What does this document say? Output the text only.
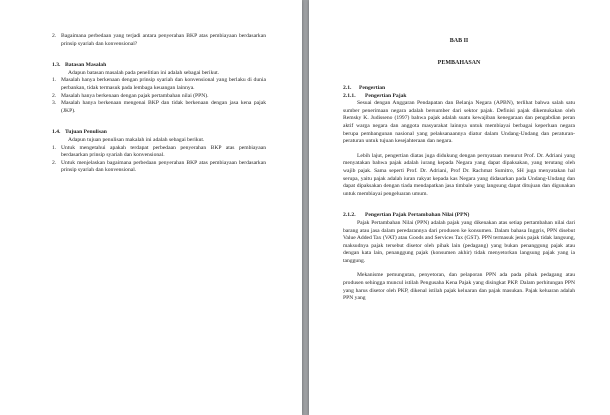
2. Bagaimana perbedaan yang terjadi antara penyerahan BKP atas pembiayaan berdasarkan prinsip syariah dan konvensional?
1.3. Batasan Masalah

Adapun batasan masalah pada penelitian ini adalah sebagai berikut.

1. Masalah hanya berkenaan dengan prinsip syariah dan konvensional yang berlaku di dunia perbankan, tidak termasuk pada lembaga keuangan lainnya.
2. Masalah hanya berkenaan dengan pajak pertambahan nilai (PPN).
3. Masalah hanya berkenaan mengenai BKP dan tidak berkenaan dengan jasa kena pajak (JKP).
1.4. Tujuan Penulisan

Adapun tujuan penulisan makalah ini adalah sebagai berikut.

1. Untuk mengetahui apakah terdapat perbedaan penyerahan BKP atas pembiayaan berdasarkan prinsip syariah dan konvensional.
2. Untuk menjelaskan bagaimana perbedaan penyerahan BKP atas pembiayaan berdasarkan prinsip syariah dan konvensional.
BAB II
PEMBAHASAN
2.1. Pengertian
2.1.1. Pengertian Pajak

Sesuai dengan Anggaran Pendapatan dan Belanja Negara (APBN), terlihat bahwa salah satu sumber penerimaan negara adalah bersumber dari sektor pajak. Definisi pajak dikemukakan oleh Remsky K. Judisseno (1997) bahwa pajak adalah suatu kewajiban kenegaraan dan pengabdian peran aktif warga negara dan anggota masyarakat lainnya untuk membiayai berbagai keperluan negara berupa pembangunan nasional yang pelaksanaannya diatur dalam Undang-Undang dan peraturan-peraturan untuk tujuan kesejahteraan dan negara.

Lebih lajut, pengertian diatas juga didukung dengan pernyataan menurut Prof. Dr. Adriani yang menyatakan bahwa pajak adalah iurang kepada Negara yang dapat dipaksakan, yang terutang oleh wajib pajak. Sama seperti Prof. Dr. Adriani, Prof Dr. Rachmat Sumitro, SH juga menyatakan hal serupa, yaitu pajak adalah iuran rakyat kepada kas Negara yang didasarkan pada Undang-Undang dan dapat dipaksakan dengan tiada mendapatkan jasa timbale yang langsung dapat ditujuan dan digunakan untuk membiayai pengeluaran umum.

2.1.2. Pengertian Pajak Pertambahan Nilai (PPN)

Pajak Pertambahan Nilai (PPN) adalah pajak yang dikenakan atas setiap pertambahan nilai dari barang atau jasa dalam peredarannya dari produsen ke konsumen. Dalam bahasa Inggris, PPN disebut Value Added Tax (VAT) atau Goods and Services Tax (GST). PPN termasuk jenis pajak tidak langsung, maksudnya pajak tersebut disetor oleh pihak lain (pedagang) yang bukan penanggung pajak atau dengan kata lain, penanggung pajak (konsumen akhir) tidak menyetorkan langsung pajak yang ia tanggung.

Mekanisme pemungutan, penyetoran, dan pelaporan PPN ada pada pihak pedagang atau produsen sehingga muncul istilah Pengusaha Kena Pajak yang disingkat PKP. Dalam perhitungan PPN yang harus disetor oleh PKP, dikenal istilah pajak keluaran dan pajak masukan. Pajak keluaran adalah PPN yang
